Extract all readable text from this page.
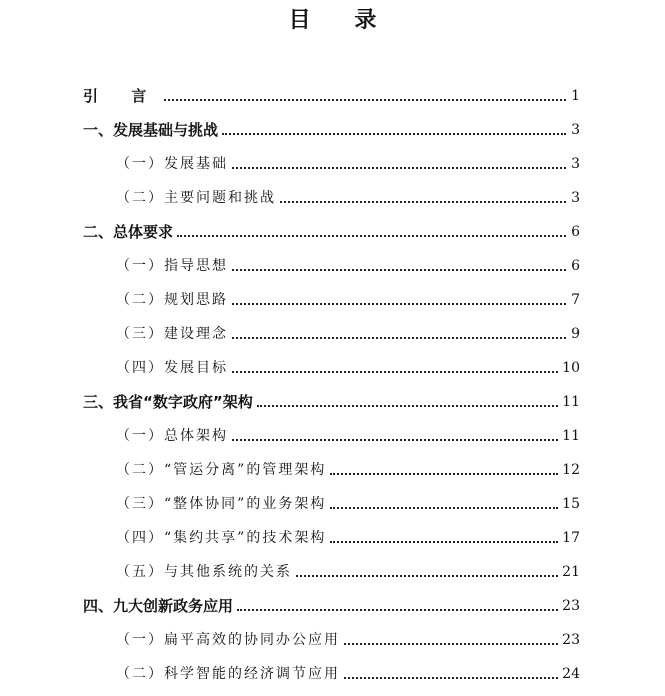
目 录
引 言	1
一、发展基础与挑战	3
（一）发展基础	3
（二）主要问题和挑战	3
二、总体要求	6
（一）指导思想	6
（二）规划思路	7
（三）建设理念	9
（四）发展目标	10
三、我省“数字政府”架构	11
（一）总体架构	11
（二）“管运分离”的管理架构	12
（三）“整体协同”的业务架构	15
（四）“集约共享”的技术架构	17
（五）与其他系统的关系	21
四、九大创新政务应用	23
（一）扁平高效的协同办公应用	23
（二）科学智能的经济调节应用	24
